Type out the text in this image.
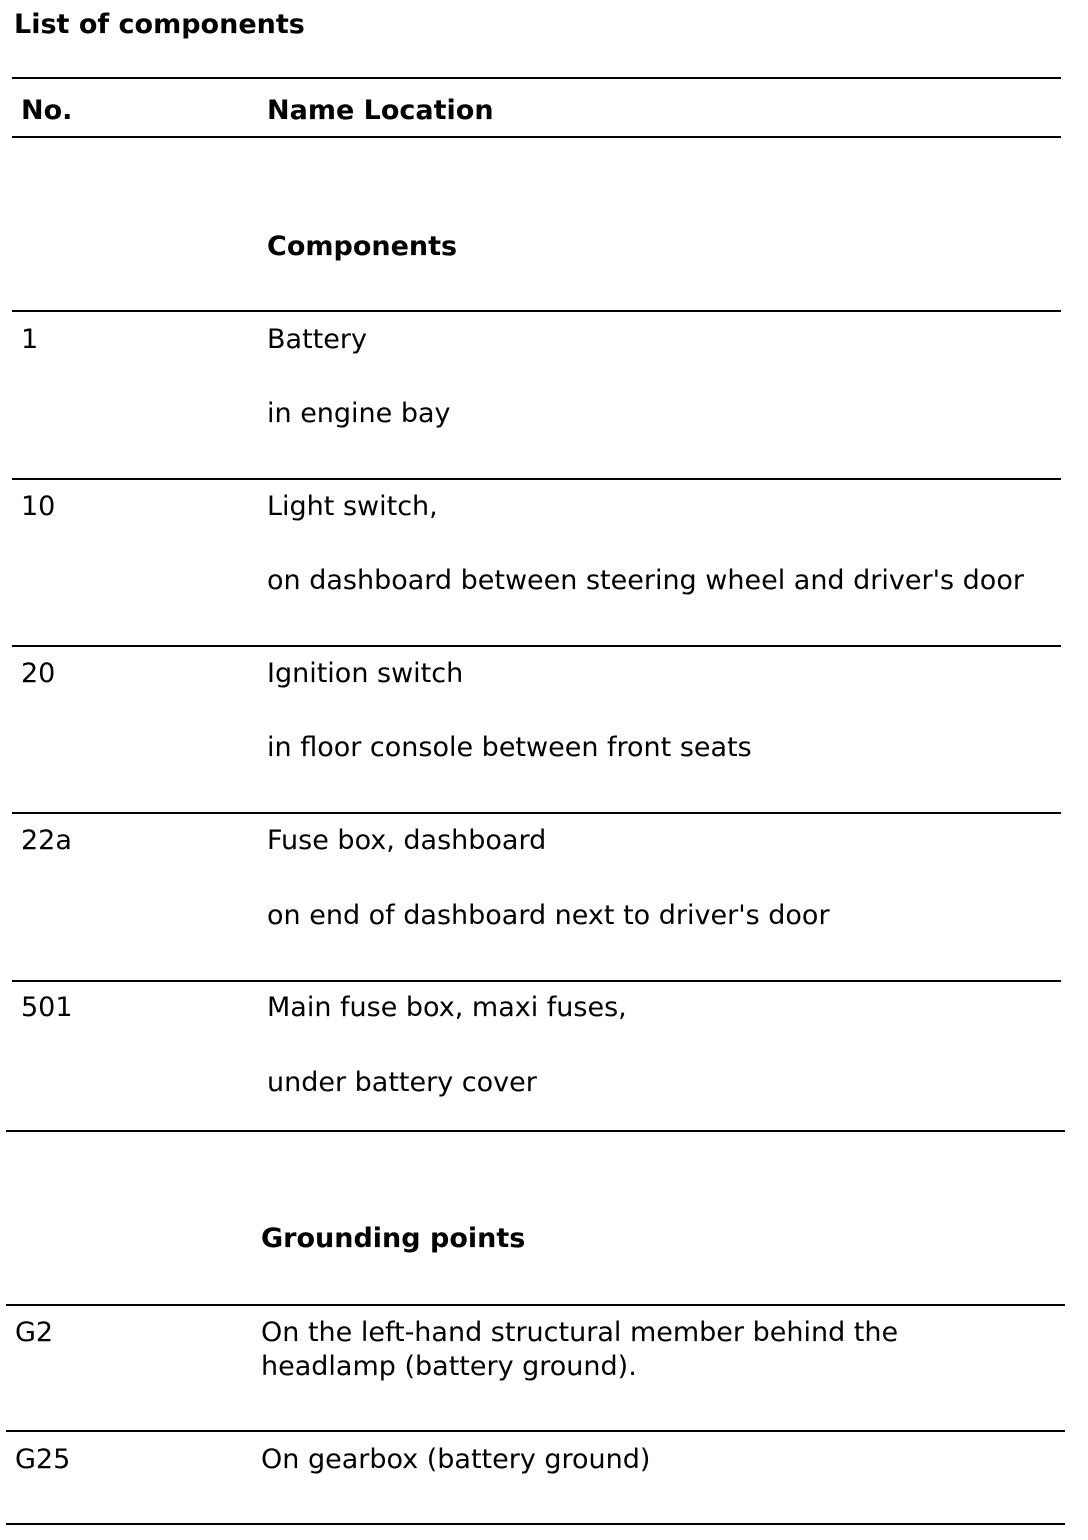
List of components
No.	Name Location
Components
1	Battery
in engine bay
10	Light switch,
on dashboard between steering wheel and driver's door
20	Ignition switch
in floor console between front seats
22a	Fuse box, dashboard
on end of dashboard next to driver's door
501	Main fuse box, maxi fuses,
under battery cover
Grounding points
G2	On the left-hand structural member behind the headlamp (battery ground).
G25	On gearbox (battery ground)
